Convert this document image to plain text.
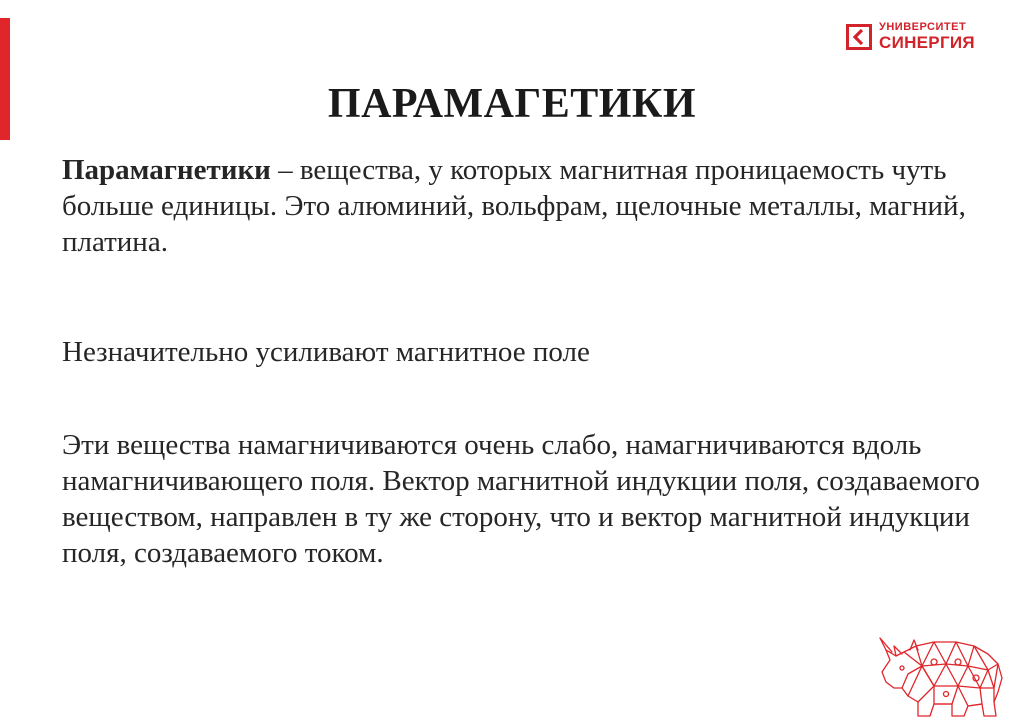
УНИВЕРСИТЕТ
СИНЕРГИЯ
ПАРАМАГЕТИКИ

Парамагнетики – вещества, у которых магнитная проницаемость чуть больше единицы. Это алюминий, вольфрам, щелочные металлы, магний, платина.

Незначительно усиливают магнитное поле

Эти вещества намагничиваются очень слабо, намагничиваются вдоль намагничивающего поля. Вектор магнитной индукции поля, создаваемого веществом, направлен в ту же сторону, что и вектор магнитной индукции поля, создаваемого током.
